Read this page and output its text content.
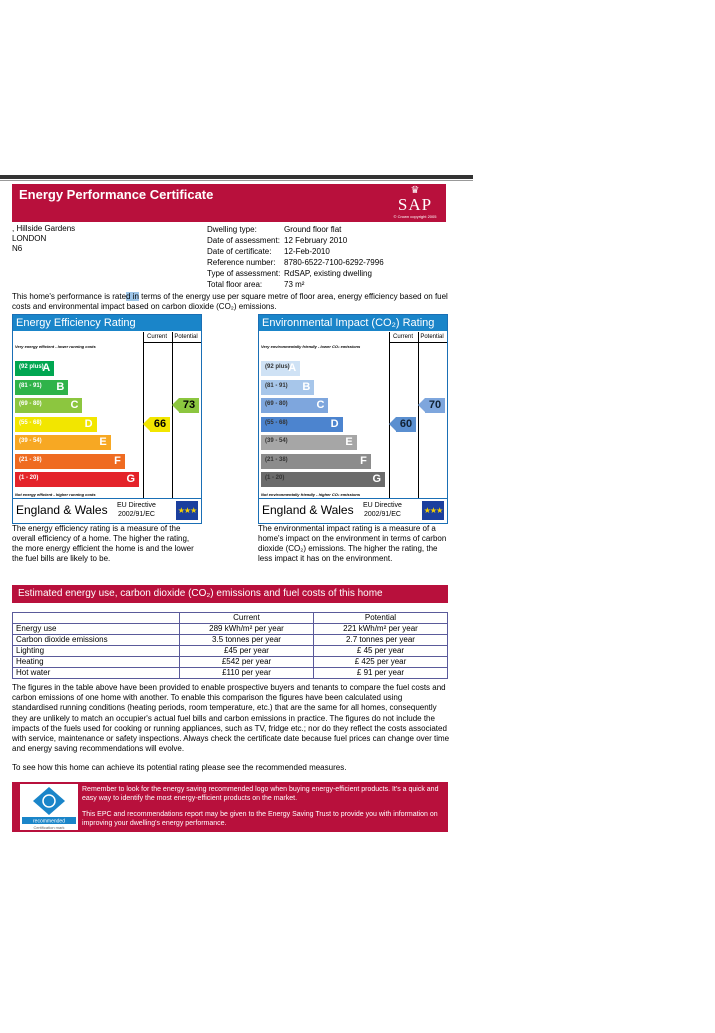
Energy Performance Certificate	♛
SAP
© Crown copyright 2005
, Hillside Gardens
LONDON
N6
Dwelling type:	Ground floor flat
Date of assessment: 12 February 2010
Date of certificate:	12-Feb-2010
Reference number:	8780-6522-7100-6292-7996
Type of assessment: RdSAP, existing dwelling
Total floor area:	73 m²
This home's performance is rated in terms of the energy use per square metre of floor area, energy efficiency based on fuel costs and environmental impact based on carbon dioxide (CO₂) emissions.
Energy Efficiency Rating
Current	Potential
Very energy efficient - lower running costs
(92 plus)
A
(81 - 91) B
(69 - 80)	C
(55 - 68)	D
(39 - 54)	E
(21 - 38)	F
(1 - 20)	G
Not energy efficient - higher running costs
66
73
England & Wales EU Directive
2002/91/EC	★★★
Environmental Impact (CO₂) Rating
Current	Potential
Very environmentally friendly - lower CO₂ emissions
(92 plus)
A
(81 - 91) B
(69 - 80)	C
(55 - 68)	D
(39 - 54)	E
(21 - 38)	F
(1 - 20)	G
Not environmentally friendly - higher CO₂ emissions
60
70
England & Wales EU Directive
2002/91/EC	★★★
The energy efficiency rating is a measure of the overall efficiency of a home. The higher the rating, the more energy efficient the home is and the lower the fuel bills are likely to be.
The environmental impact rating is a measure of a home's impact on the environment in terms of carbon dioxide (CO₂) emissions. The higher the rating, the less impact it has on the environment.
Estimated energy use, carbon dioxide (CO₂) emissions and fuel costs of this home
	Current	Potential
Energy use	289 kWh/m² per year	221 kWh/m² per year
Carbon dioxide emissions	3.5 tonnes per year	2.7 tonnes per year
Lighting	£45 per year	£ 45 per year
Heating	£542 per year	£ 425 per year
Hot water	£110 per year	£ 91 per year
The figures in the table above have been provided to enable prospective buyers and tenants to compare the fuel costs and carbon emissions of one home with another. To enable this comparison the figures have been calculated using standardised running conditions (heating periods, room temperature, etc.) that are the same for all homes, consequently they are unlikely to match an occupier's actual fuel bills and carbon emissions in practice. The figures do not include the impacts of the fuels used for cooking or running appliances, such as TV, fridge etc.; nor do they reflect the costs associated with service, maintenance or safety inspections. Always check the certificate date because fuel prices can change over time and energy saving recommendations will evolve.
To see how this home can achieve its potential rating please see the recommended measures.
recommended
Certification mark
Remember to look for the energy saving recommended logo when buying energy-efficient products. It's a quick and easy way to identify the most energy-efficient products on the market.
This EPC and recommendations report may be given to the Energy Saving Trust to provide you with information on improving your dwelling's energy performance.
